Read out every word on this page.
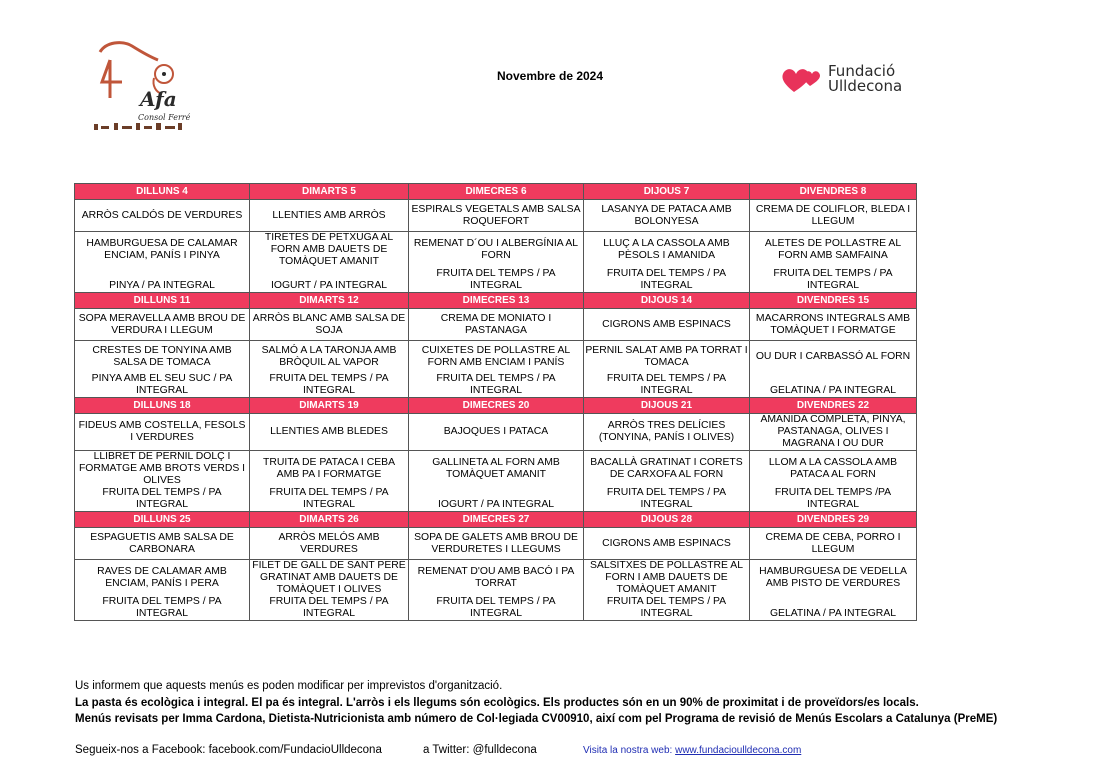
Afa
Consol Ferré
Novembre de 2024	Fundació
Ulldecona
DILLUNS 4	DIMARTS 5	DIMECRES 6	DIJOUS 7	DIVENDRES 8
ARRÒS CALDÓS DE VERDURES	LLENTIES AMB ARRÒS	ESPIRALS VEGETALS AMB SALSA ROQUEFORT	LASANYA DE PATACA AMB BOLONYESA	CREMA DE COLIFLOR, BLEDA I LLEGUM
HAMBURGUESA DE CALAMAR ENCIAM, PANÍS I PINYA	TIRETES DE PETXUGA AL FORN AMB DAUETS DE TOMÀQUET AMANIT	REMENAT D´OU I ALBERGÍNIA AL FORN	LLUÇ A LA CASSOLA AMB PÈSOLS I AMANIDA	ALETES DE POLLASTRE AL FORN AMB SAMFAINA
PINYA / PA INTEGRAL	IOGURT / PA INTEGRAL	FRUITA DEL TEMPS / PA INTEGRAL	FRUITA DEL TEMPS / PA INTEGRAL	FRUITA DEL TEMPS / PA INTEGRAL
DILLUNS 11	DIMARTS 12	DIMECRES 13	DIJOUS 14	DIVENDRES 15
SOPA MERAVELLA AMB BROU DE VERDURA I LLEGUM	ARRÒS BLANC AMB SALSA DE SOJA	CREMA DE MONIATO I PASTANAGA	CIGRONS AMB ESPINACS	MACARRONS INTEGRALS AMB TOMÀQUET I FORMATGE
CRESTES DE TONYINA AMB SALSA DE TOMACA	SALMÓ A LA TARONJA AMB BRÒQUIL AL VAPOR	CUIXETES DE POLLASTRE AL FORN AMB ENCIAM I PANÍS	PERNIL SALAT AMB PA TORRAT I TOMACA	OU DUR I CARBASSÓ AL FORN
PINYA AMB EL SEU SUC / PA INTEGRAL	FRUITA DEL TEMPS / PA INTEGRAL	FRUITA DEL TEMPS / PA INTEGRAL	FRUITA DEL TEMPS / PA INTEGRAL	GELATINA / PA INTEGRAL
DILLUNS 18	DIMARTS 19	DIMECRES 20	DIJOUS 21	DIVENDRES 22
FIDEUS AMB COSTELLA, FESOLS I VERDURES	LLENTIES AMB BLEDES	BAJOQUES I PATACA	ARRÒS TRES DELÍCIES (TONYINA, PANÍS I OLIVES)	AMANIDA COMPLETA, PINYA, PASTANAGA, OLIVES I MAGRANA I OU DUR
LLIBRET DE PERNIL DOLÇ I FORMATGE AMB BROTS VERDS I OLIVES	TRUITA DE PATACA I CEBA AMB PA I FORMATGE	GALLINETA AL FORN AMB TOMÀQUET AMANIT	BACALLÀ GRATINAT I CORETS DE CARXOFA AL FORN	LLOM A LA CASSOLA AMB PATACA AL FORN
FRUITA DEL TEMPS / PA INTEGRAL	FRUITA DEL TEMPS / PA INTEGRAL	IOGURT / PA INTEGRAL	FRUITA DEL TEMPS / PA INTEGRAL	FRUITA DEL TEMPS /PA INTEGRAL
DILLUNS 25	DIMARTS 26	DIMECRES 27	DIJOUS 28	DIVENDRES 29
ESPAGUETIS AMB SALSA DE CARBONARA	ARRÒS MELÓS AMB VERDURES	SOPA DE GALETS AMB BROU DE VERDURETES I LLEGUMS	CIGRONS AMB ESPINACS	CREMA DE CEBA, PORRO I LLEGUM
RAVES DE CALAMAR AMB ENCIAM, PANÍS I PERA	FILET DE GALL DE SANT PERE GRATINAT AMB DAUETS DE TOMÀQUET I OLIVES	REMENAT D'OU AMB BACÓ I PA TORRAT	SALSITXES DE POLLASTRE AL FORN I AMB DAUETS DE TOMÀQUET AMANIT	HAMBURGUESA DE VEDELLA AMB PISTO DE VERDURES
FRUITA DEL TEMPS / PA INTEGRAL	FRUITA DEL TEMPS / PA INTEGRAL	FRUITA DEL TEMPS / PA INTEGRAL	FRUITA DEL TEMPS / PA INTEGRAL	GELATINA / PA INTEGRAL
Us informem que aquests menús es poden modificar per imprevistos d'organització.
La pasta és ecològica i integral. El pa és integral. L'arròs i els llegums són ecològics. Els productes són en un 90% de proximitat i de proveïdors/es locals.
Menús revisats per Imma Cardona, Dietista-Nutricionista amb número de Col·legiada CV00910, així com pel Programa de revisió de Menús Escolars a Catalunya (PreME)
Segueix-nos a Facebook: facebook.com/FundacioUlldecona	a Twitter: @fulldecona	Visita la nostra web: www.fundacioulldecona.com
